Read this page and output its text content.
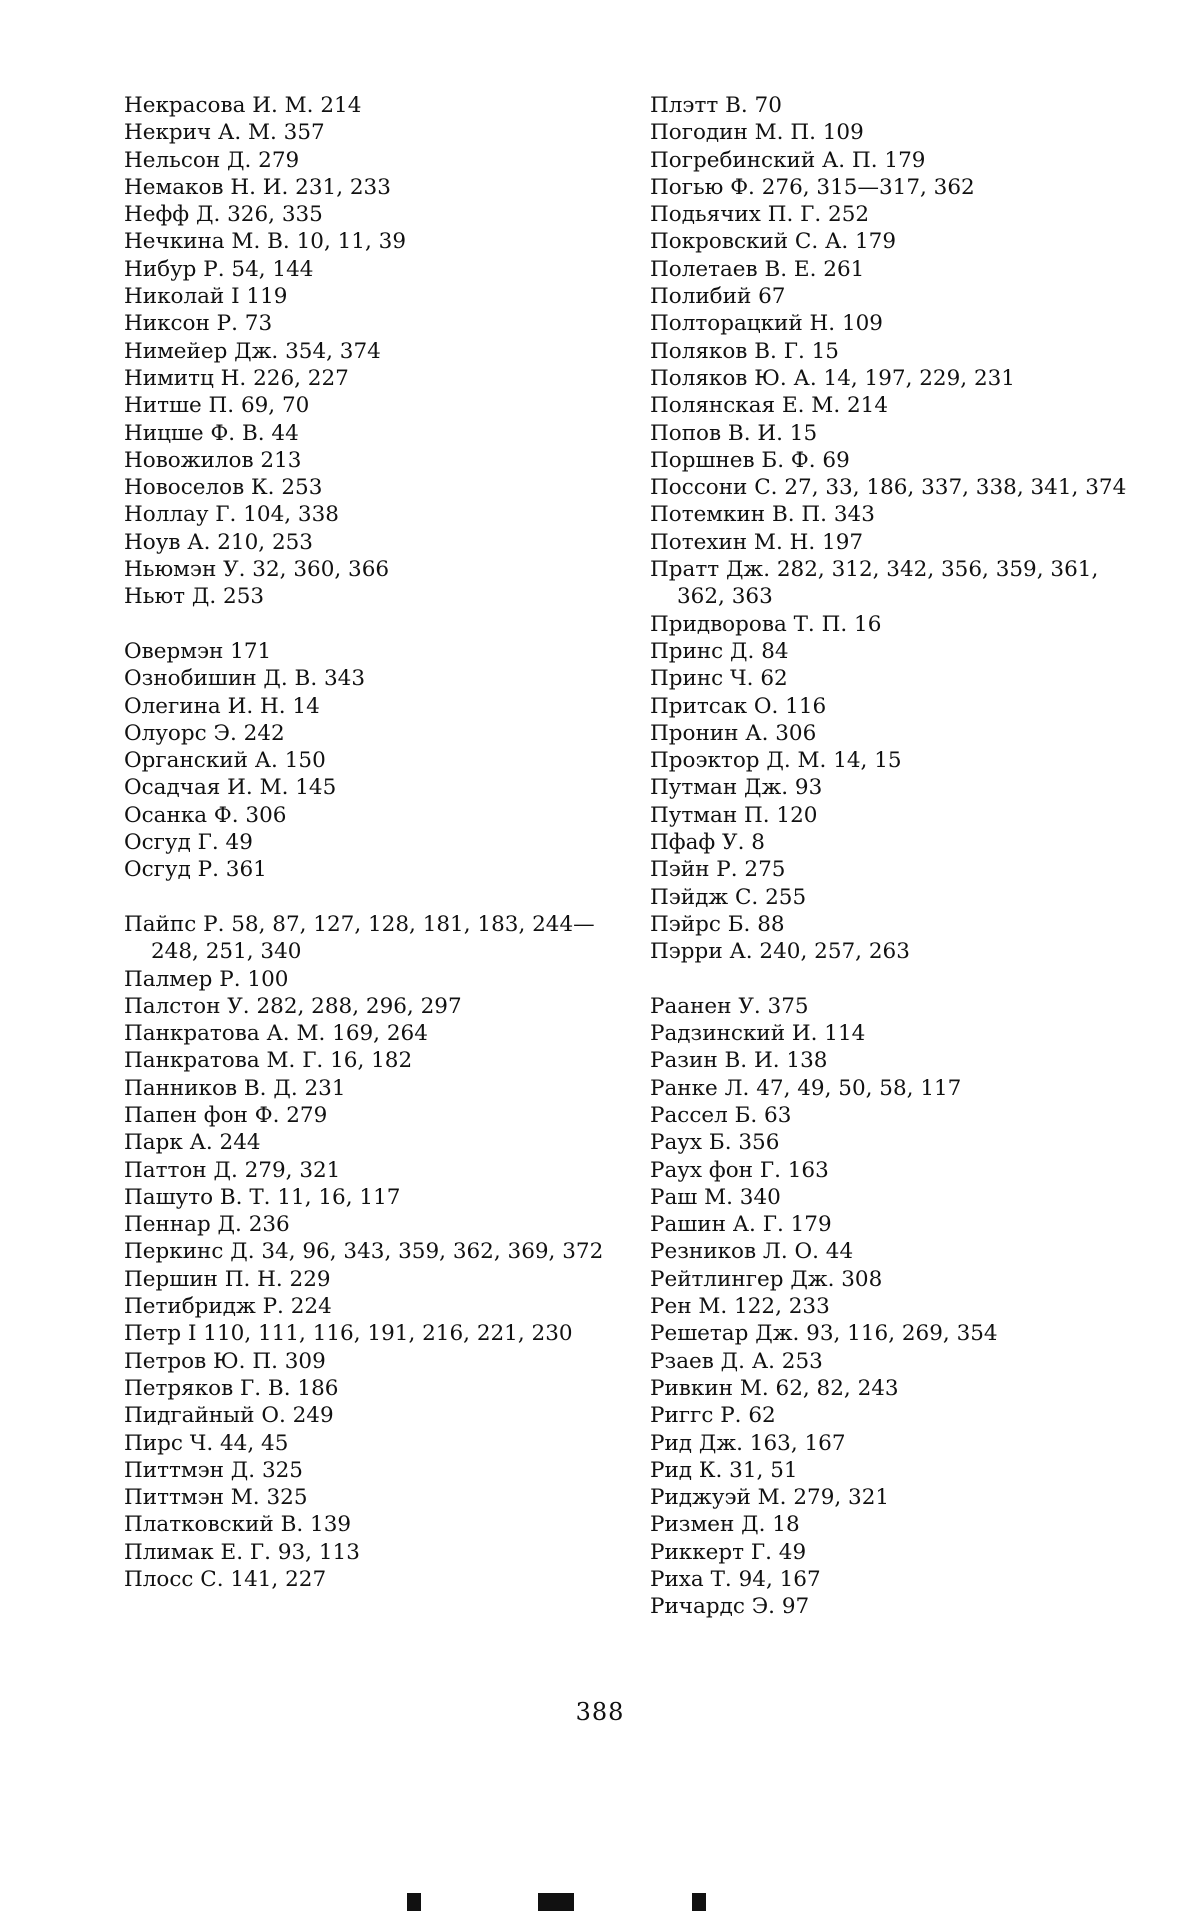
Некрасова И. М. 214
Некрич А. М. 357
Нельсон Д. 279
Немаков Н. И. 231, 233
Нефф Д. 326, 335
Нечкина М. В. 10, 11, 39
Нибур Р. 54, 144
Николай I 119
Никсон Р. 73
Нимейер Дж. 354, 374
Нимитц Н. 226, 227
Нитше П. 69, 70
Ницше Ф. В. 44
Новожилов 213
Новоселов К. 253
Ноллау Г. 104, 338
Ноув А. 210, 253
Ньюмэн У. 32, 360, 366
Ньют Д. 253
Овермэн 171
Ознобишин Д. В. 343
Олегина И. Н. 14
Олуорс Э. 242
Органский А. 150
Осадчая И. М. 145
Осанка Ф. 306
Осгуд Г. 49
Осгуд Р. 361
Пайпс Р. 58, 87, 127, 128, 181, 183, 244—248, 251, 340
Палмер Р. 100
Палстон У. 282, 288, 296, 297
Панкратова А. М. 169, 264
Панкратова М. Г. 16, 182
Панников В. Д. 231
Папен фон Ф. 279
Парк А. 244
Паттон Д. 279, 321
Пашуто В. Т. 11, 16, 117
Пеннар Д. 236
Перкинс Д. 34, 96, 343, 359, 362, 369, 372
Першин П. Н. 229
Петибридж Р. 224
Петр I 110, 111, 116, 191, 216, 221, 230
Петров Ю. П. 309
Петряков Г. В. 186
Пидгайный О. 249
Пирс Ч. 44, 45
Питтмэн Д. 325
Питтмэн М. 325
Платковский В. 139
Плимак Е. Г. 93, 113
Плосс С. 141, 227
Плэтт В. 70
Погодин М. П. 109
Погребинский А. П. 179
Погью Ф. 276, 315—317, 362
Подьячих П. Г. 252
Покровский С. А. 179
Полетаев В. Е. 261
Полибий 67
Полторацкий Н. 109
Поляков В. Г. 15
Поляков Ю. А. 14, 197, 229, 231
Полянская Е. М. 214
Попов В. И. 15
Поршнев Б. Ф. 69
Поссони С. 27, 33, 186, 337, 338, 341, 374
Потемкин В. П. 343
Потехин М. Н. 197
Пратт Дж. 282, 312, 342, 356, 359, 361, 362, 363
Придворова Т. П. 16
Принс Д. 84
Принс Ч. 62
Притсак О. 116
Пронин А. 306
Проэктор Д. М. 14, 15
Путман Дж. 93
Путман П. 120
Пфаф У. 8
Пэйн Р. 275
Пэйдж С. 255
Пэйрс Б. 88
Пэрри А. 240, 257, 263
Раанен У. 375
Радзинский И. 114
Разин В. И. 138
Ранке Л. 47, 49, 50, 58, 117
Рассел Б. 63
Раух Б. 356
Раух фон Г. 163
Раш М. 340
Рашин А. Г. 179
Резников Л. О. 44
Рейтлингер Дж. 308
Рен М. 122, 233
Решетар Дж. 93, 116, 269, 354
Рзаев Д. А. 253
Ривкин М. 62, 82, 243
Риггс Р. 62
Рид Дж. 163, 167
Рид К. 31, 51
Риджуэй М. 279, 321
Ризмен Д. 18
Риккерт Г. 49
Риха Т. 94, 167
Ричардс Э. 97
388
